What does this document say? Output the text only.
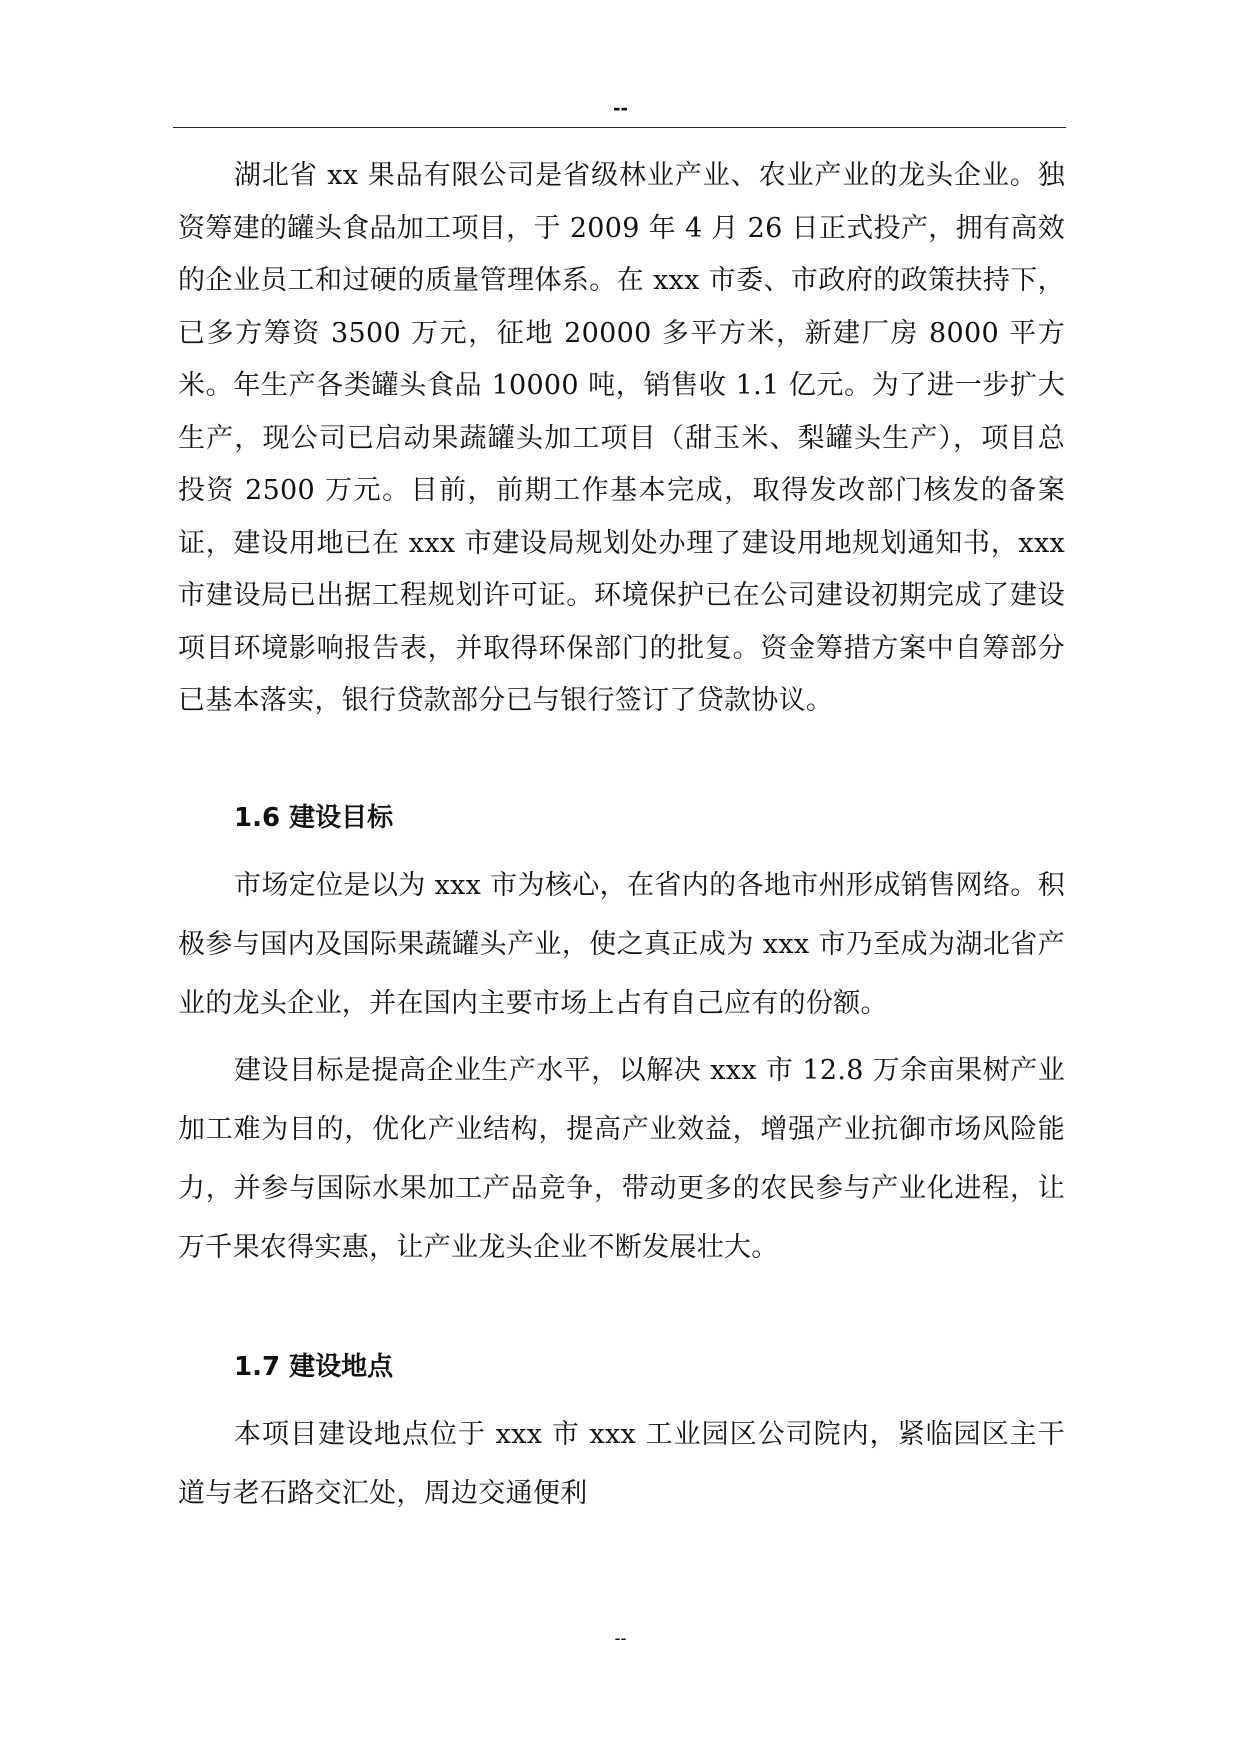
--

湖北省 xx 果品有限公司是省级林业产业、农业产业的龙头企业。独资筹建的罐头食品加工项目，于 2009 年 4 月 26 日正式投产，拥有高效的企业员工和过硬的质量管理体系。在 xxx 市委、市政府的政策扶持下，已多方筹资 3500 万元，征地 20000 多平方米，新建厂房 8000 平方米。年生产各类罐头食品 10000 吨，销售收 1.1 亿元。为了进一步扩大生产，现公司已启动果蔬罐头加工项目（甜玉米、梨罐头生产），项目总投资 2500 万元。目前，前期工作基本完成，取得发改部门核发的备案证，建设用地已在 xxx 市建设局规划处办理了建设用地规划通知书，xxx 市建设局已出据工程规划许可证。环境保护已在公司建设初期完成了建设项目环境影响报告表，并取得环保部门的批复。资金筹措方案中自筹部分已基本落实，银行贷款部分已与银行签订了贷款协议。

1.6 建设目标

市场定位是以为 xxx 市为核心，在省内的各地市州形成销售网络。积极参与国内及国际果蔬罐头产业，使之真正成为 xxx 市乃至成为湖北省产业的龙头企业，并在国内主要市场上占有自己应有的份额。

建设目标是提高企业生产水平，以解决 xxx 市 12.8 万余亩果树产业加工难为目的，优化产业结构，提高产业效益，增强产业抗御市场风险能力，并参与国际水果加工产品竞争，带动更多的农民参与产业化进程，让万千果农得实惠，让产业龙头企业不断发展壮大。

1.7 建设地点

本项目建设地点位于 xxx 市 xxx 工业园区公司院内，紧临园区主干道与老石路交汇处，周边交通便利

--
